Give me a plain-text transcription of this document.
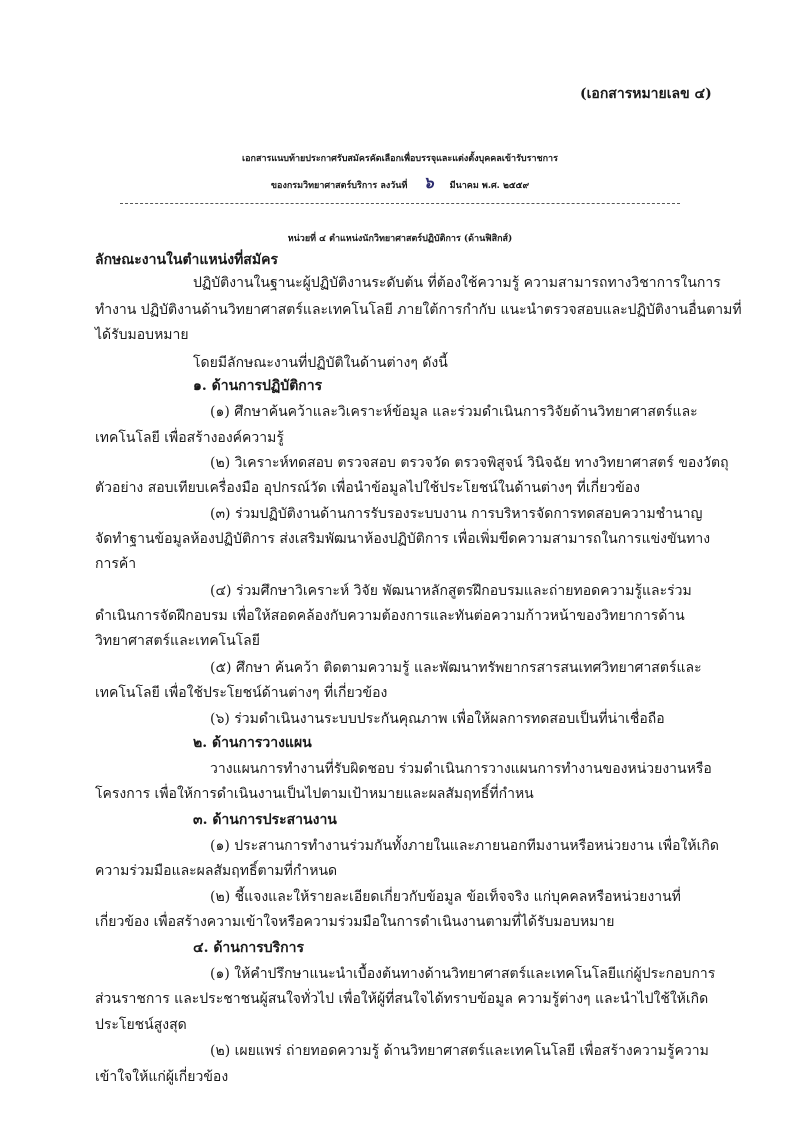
(เอกสารหมายเลข ๔)
เอกสารแนบท้ายประกาศรับสมัครคัดเลือกเพื่อบรรจุและแต่งตั้งบุคคลเข้ารับราชการ
ของกรมวิทยาศาสตร์บริการ ลงวันที่ ๖ มีนาคม พ.ศ. ๒๕๕๙
หน่วยที่ ๔ ตำแหน่งนักวิทยาศาสตร์ปฏิบัติการ (ด้านฟิสิกส์)
ลักษณะงานในตำแหน่งที่สมัคร
ปฏิบัติงานในฐานะผู้ปฏิบัติงานระดับต้น ที่ต้องใช้ความรู้ ความสามารถทางวิชาการในการ
ทำงาน ปฏิบัติงานด้านวิทยาศาสตร์และเทคโนโลยี ภายใต้การกำกับ แนะนำตรวจสอบและปฏิบัติงานอื่นตามที่
ได้รับมอบหมาย
โดยมีลักษณะงานที่ปฏิบัติในด้านต่างๆ ดังนี้
๑. ด้านการปฏิบัติการ
(๑) ศึกษาค้นคว้าและวิเคราะห์ข้อมูล และร่วมดำเนินการวิจัยด้านวิทยาศาสตร์และ
เทคโนโลยี เพื่อสร้างองค์ความรู้
(๒) วิเคราะห์ทดสอบ ตรวจสอบ ตรวจวัด ตรวจพิสูจน์ วินิจฉัย ทางวิทยาศาสตร์ ของวัตถุ
ตัวอย่าง สอบเทียบเครื่องมือ อุปกรณ์วัด เพื่อนำข้อมูลไปใช้ประโยชน์ในด้านต่างๆ ที่เกี่ยวข้อง
(๓) ร่วมปฏิบัติงานด้านการรับรองระบบงาน การบริหารจัดการทดสอบความชำนาญ
จัดทำฐานข้อมูลห้องปฏิบัติการ ส่งเสริมพัฒนาห้องปฏิบัติการ เพื่อเพิ่มขีดความสามารถในการแข่งขันทาง
การค้า
(๔) ร่วมศึกษาวิเคราะห์ วิจัย พัฒนาหลักสูตรฝึกอบรมและถ่ายทอดความรู้และร่วม
ดำเนินการจัดฝึกอบรม เพื่อให้สอดคล้องกับความต้องการและทันต่อความก้าวหน้าของวิทยาการด้าน
วิทยาศาสตร์และเทคโนโลยี
(๕) ศึกษา ค้นคว้า ติดตามความรู้ และพัฒนาทรัพยากรสารสนเทศวิทยาศาสตร์และ
เทคโนโลยี เพื่อใช้ประโยชน์ด้านต่างๆ ที่เกี่ยวข้อง
(๖) ร่วมดำเนินงานระบบประกันคุณภาพ เพื่อให้ผลการทดสอบเป็นที่น่าเชื่อถือ
๒. ด้านการวางแผน
วางแผนการทำงานที่รับผิดชอบ ร่วมดำเนินการวางแผนการทำงานของหน่วยงานหรือ
โครงการ เพื่อให้การดำเนินงานเป็นไปตามเป้าหมายและผลสัมฤทธิ์ที่กำหน
๓. ด้านการประสานงาน
(๑) ประสานการทำงานร่วมกันทั้งภายในและภายนอกทีมงานหรือหน่วยงาน เพื่อให้เกิด
ความร่วมมือและผลสัมฤทธิ์ตามที่กำหนด
(๒) ชี้แจงและให้รายละเอียดเกี่ยวกับข้อมูล ข้อเท็จจริง แก่บุคคลหรือหน่วยงานที่
เกี่ยวข้อง เพื่อสร้างความเข้าใจหรือความร่วมมือในการดำเนินงานตามที่ได้รับมอบหมาย
๔. ด้านการบริการ
(๑) ให้คำปรึกษาแนะนำเบื้องต้นทางด้านวิทยาศาสตร์และเทคโนโลยีแก่ผู้ประกอบการ
ส่วนราชการ และประชาชนผู้สนใจทั่วไป เพื่อให้ผู้ที่สนใจได้ทราบข้อมูล ความรู้ต่างๆ และนำไปใช้ให้เกิด
ประโยชน์สูงสุด
(๒) เผยแพร่ ถ่ายทอดความรู้ ด้านวิทยาศาสตร์และเทคโนโลยี เพื่อสร้างความรู้ความ
เข้าใจให้แก่ผู้เกี่ยวข้อง
